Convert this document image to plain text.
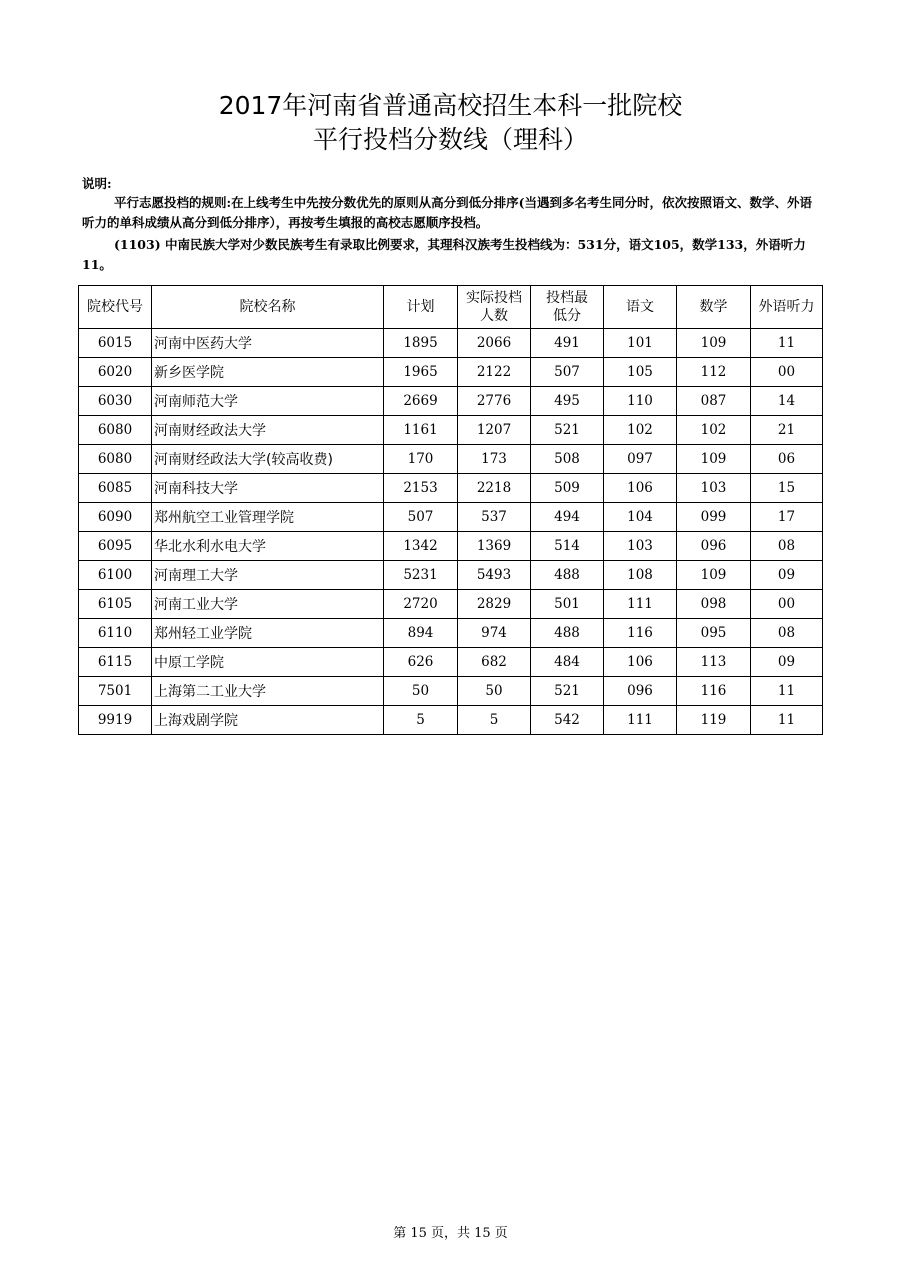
2017年河南省普通高校招生本科一批院校
平行投档分数线（理科）
说明:
平行志愿投档的规则:在上线考生中先按分数优先的原则从高分到低分排序(当遇到多名考生同分时，依次按照语文、数学、外语听力的单科成绩从高分到低分排序），再按考生填报的高校志愿顺序投档。
(1103) 中南民族大学对少数民族考生有录取比例要求，其理科汉族考生投档线为：531分，语文105，数学133，外语听力11。
院校代号	院校名称	计划	实际投档人数	投档最低分	语文	数学	外语听力
6015	河南中医药大学	1895	2066	491	101	109	11
6020	新乡医学院	1965	2122	507	105	112	00
6030	河南师范大学	2669	2776	495	110	087	14
6080	河南财经政法大学	1161	1207	521	102	102	21
6080	河南财经政法大学(较高收费)	170	173	508	097	109	06
6085	河南科技大学	2153	2218	509	106	103	15
6090	郑州航空工业管理学院	507	537	494	104	099	17
6095	华北水利水电大学	1342	1369	514	103	096	08
6100	河南理工大学	5231	5493	488	108	109	09
6105	河南工业大学	2720	2829	501	111	098	00
6110	郑州轻工业学院	894	974	488	116	095	08
6115	中原工学院	626	682	484	106	113	09
7501	上海第二工业大学	50	50	521	096	116	11
9919	上海戏剧学院	5	5	542	111	119	11
第 15 页，共 15 页
